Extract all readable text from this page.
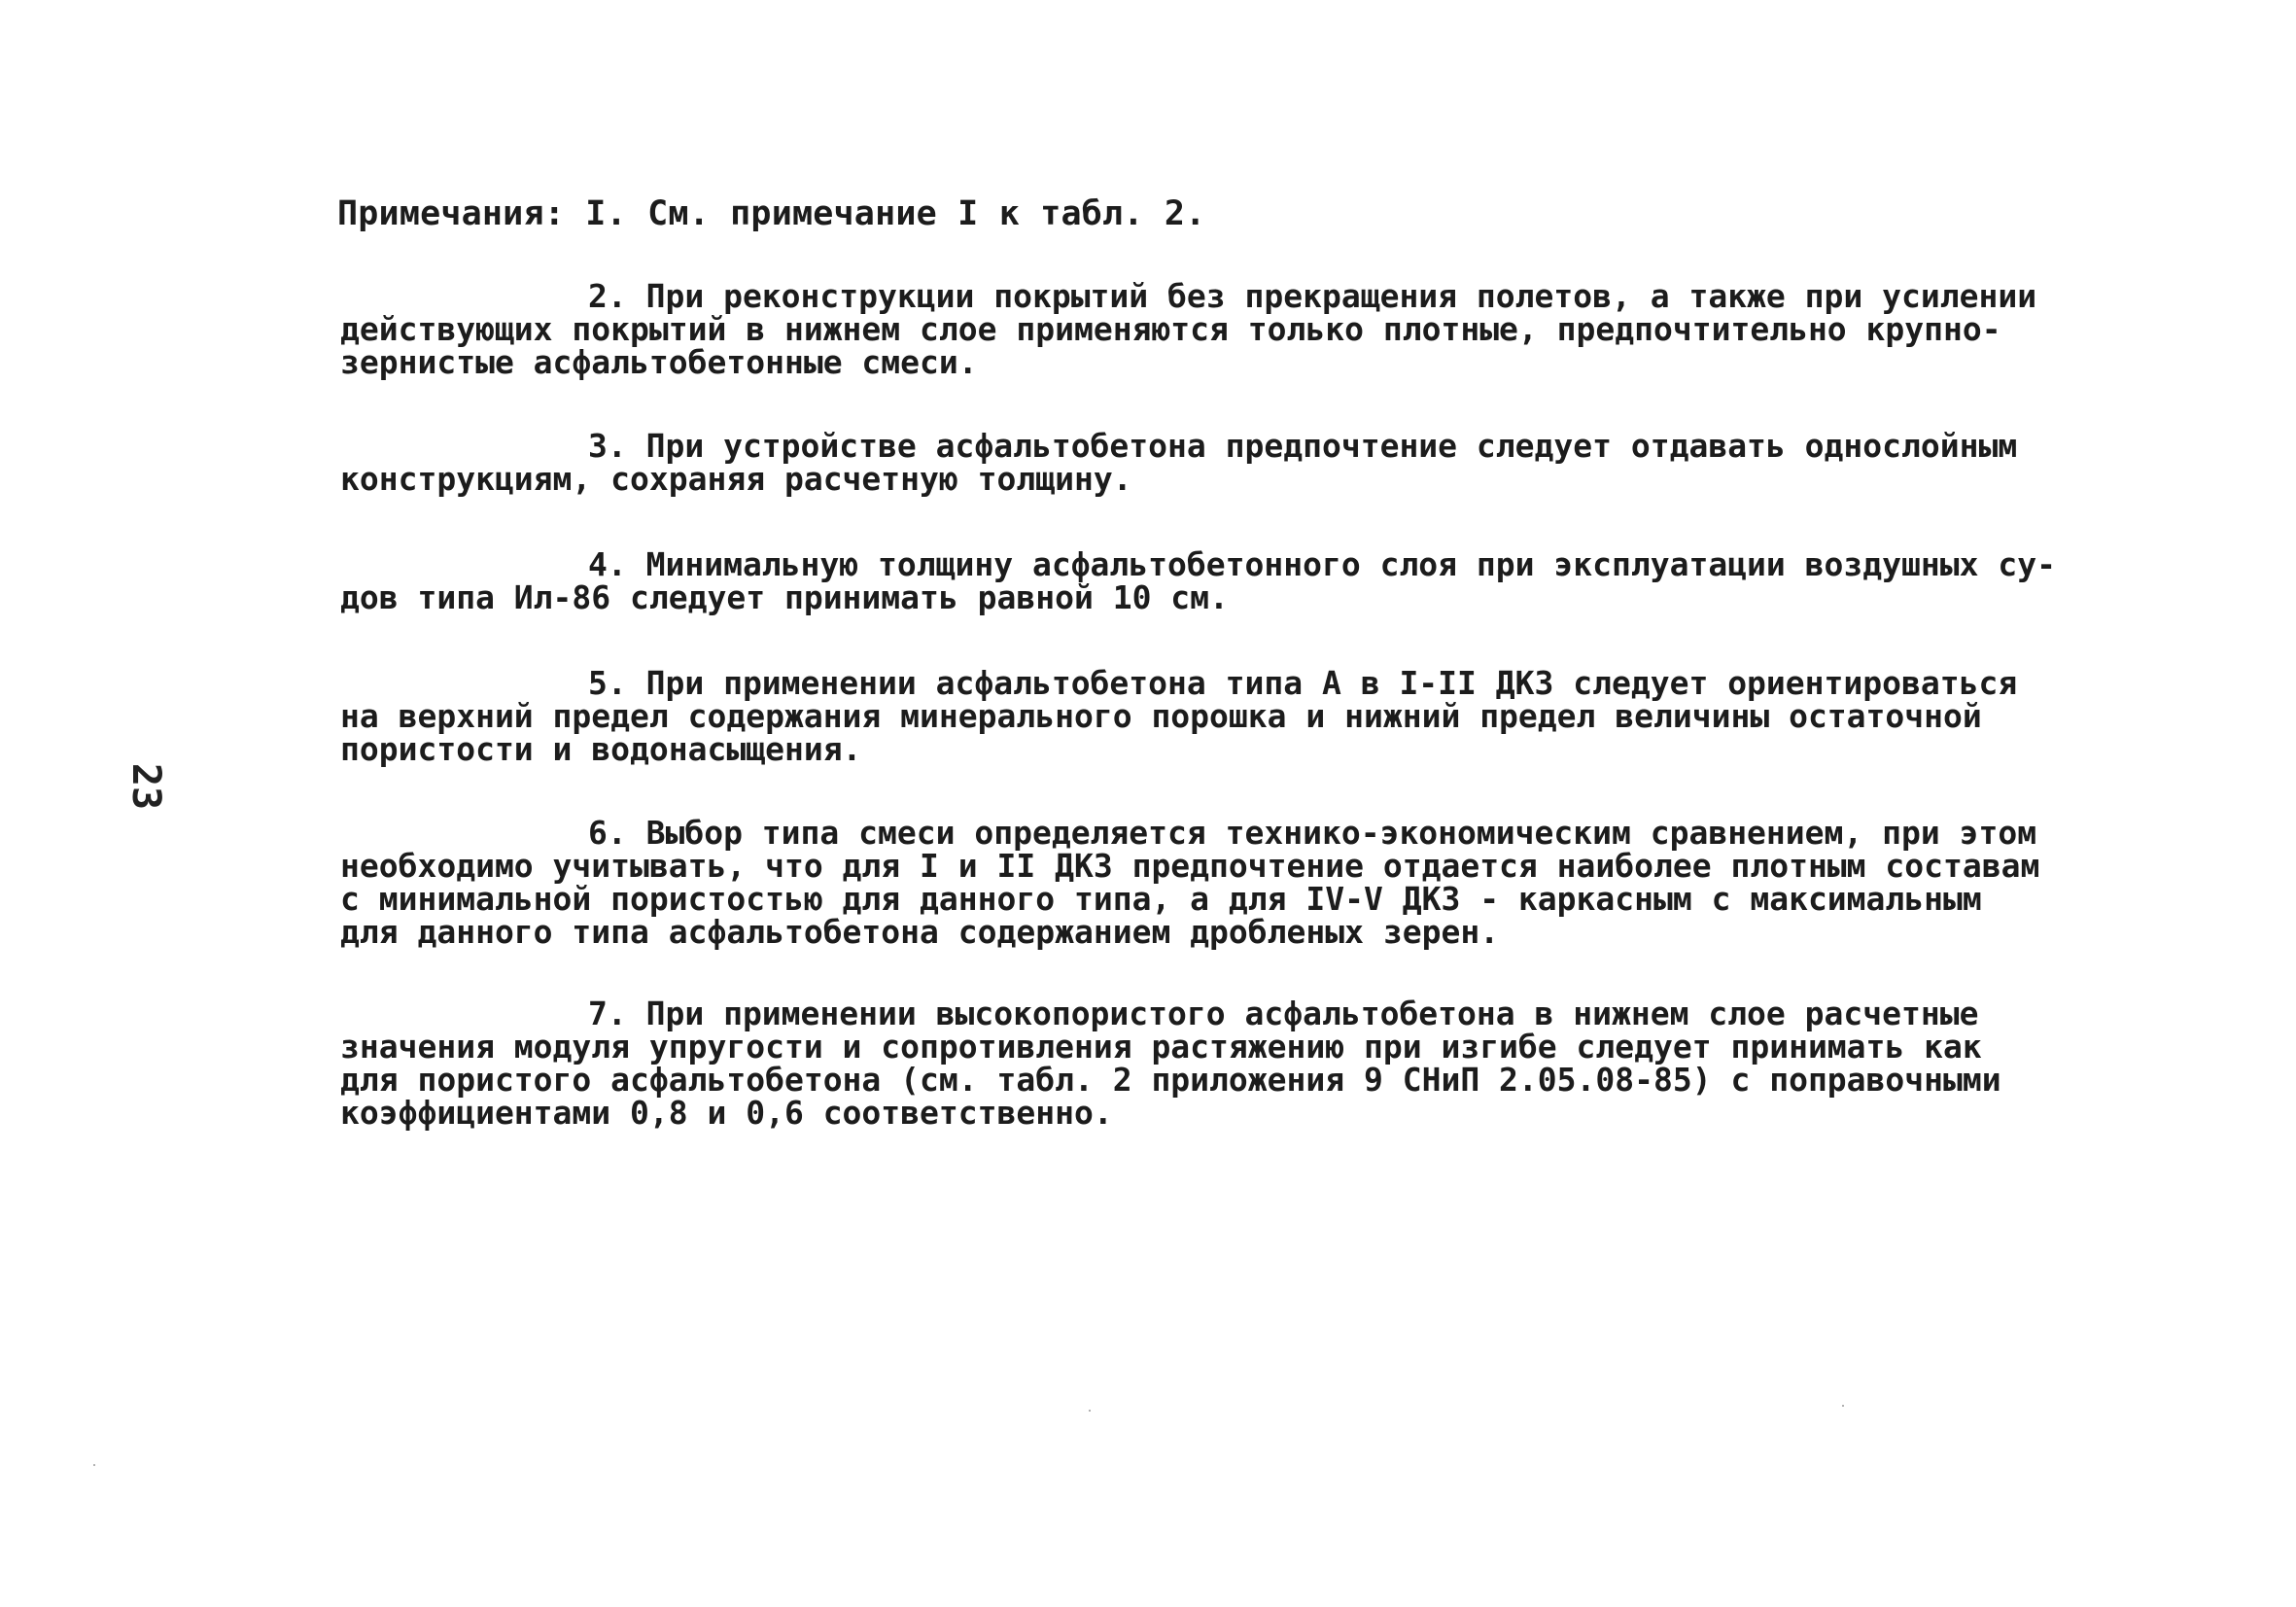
23
Примечания: I. См. примечание I к табл. 2.
2. При реконструкции покрытий без прекращения полетов, а также при усилении
действующих покрытий в нижнем слое применяются только плотные, предпочтительно крупно-
зернистые асфальтобетонные смеси.
3. При устройстве асфальтобетона предпочтение следует отдавать однослойным
конструкциям, сохраняя расчетную толщину.
4. Минимальную толщину асфальтобетонного слоя при эксплуатации воздушных су-
дов типа Ил-86 следует принимать равной 10 см.
5. При применении асфальтобетона типа А в I-II ДКЗ следует ориентироваться
на верхний предел содержания минерального порошка и нижний предел величины остаточной
пористости и водонасыщения.
6. Выбор типа смеси определяется технико-экономическим сравнением, при этом
необходимо учитывать, что для I и II ДКЗ предпочтение отдается наиболее плотным составам
с минимальной пористостью для данного типа, а для IV-V ДКЗ - каркасным с максимальным
для данного типа асфальтобетона содержанием дробленых зерен.
7. При применении высокопористого асфальтобетона в нижнем слое расчетные
значения модуля упругости и сопротивления растяжению при изгибе следует принимать как
для пористого асфальтобетона (см. табл. 2 приложения 9 СНиП 2.05.08-85) с поправочными
коэффициентами 0,8 и 0,6 соответственно.
